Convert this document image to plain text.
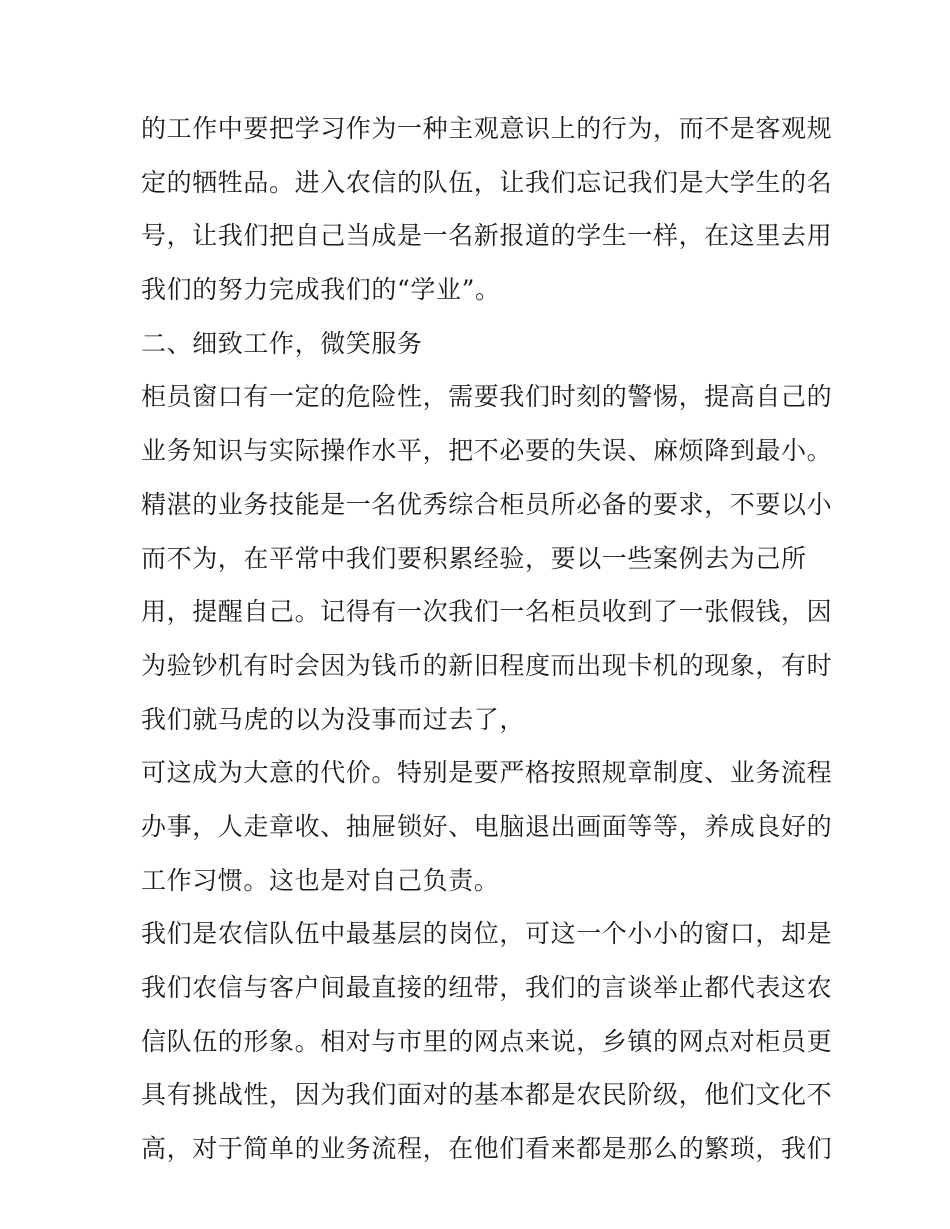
的工作中要把学习作为一种主观意识上的行为，而不是客观规
定的牺牲品。进入农信的队伍，让我们忘记我们是大学生的名
号，让我们把自己当成是一名新报道的学生一样，在这里去用
我们的努力完成我们的“学业”。
二、细致工作，微笑服务
柜员窗口有一定的危险性，需要我们时刻的警惕，提高自己的
业务知识与实际操作水平，把不必要的失误、麻烦降到最小。
精湛的业务技能是一名优秀综合柜员所必备的要求，不要以小
而不为，在平常中我们要积累经验，要以一些案例去为己所
用，提醒自己。记得有一次我们一名柜员收到了一张假钱，因
为验钞机有时会因为钱币的新旧程度而出现卡机的现象，有时
我们就马虎的以为没事而过去了，
可这成为大意的代价。特别是要严格按照规章制度、业务流程
办事，人走章收、抽屉锁好、电脑退出画面等等，养成良好的
工作习惯。这也是对自己负责。
我们是农信队伍中最基层的岗位，可这一个小小的窗口，却是
我们农信与客户间最直接的纽带，我们的言谈举止都代表这农
信队伍的形象。相对与市里的网点来说，乡镇的网点对柜员更
具有挑战性，因为我们面对的基本都是农民阶级，他们文化不
高，对于简单的业务流程，在他们看来都是那么的繁琐，我们
